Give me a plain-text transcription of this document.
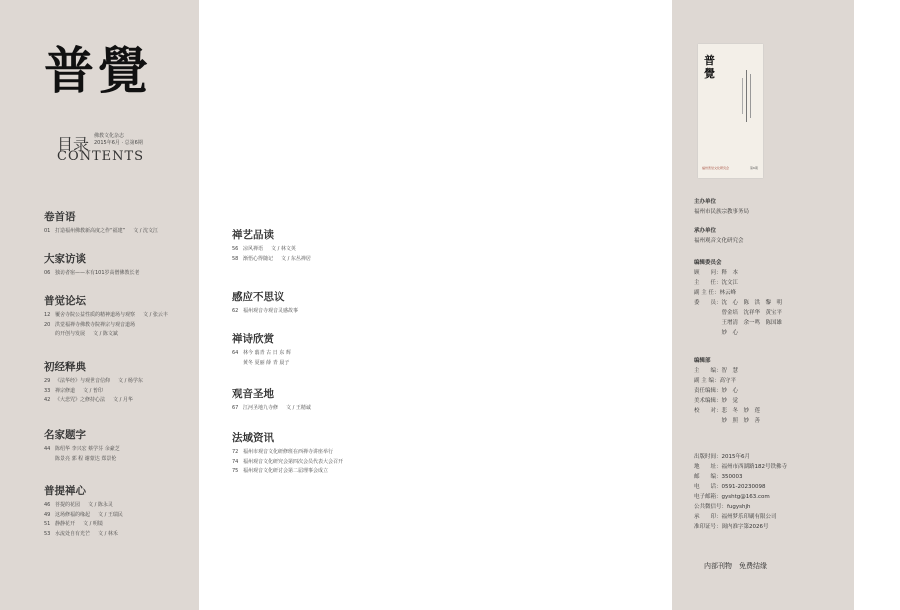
普覺
目录 佛教文化杂志
2015年6月 · 总第6期
CONTENTS
卷首语
01 打造福州佛教新高度之作“福建” 文 / 沈文江
大家访谈
06 独访者宿——本有101岁高僧佛教长老
普觉论坛
12 覆舍寺院公益性质的精神道场与观察 文 / 张云丰
20 洪觉福禅寺佛教寺院禅宗与观音道场
的开创与发展 文 / 陈文斌
初经释典
29 《法华经》与观世音信仰 文 / 杨学东
33 禅宗修道 文 / 普印
42 《大悲咒》之修持心法 文 / 月华
名家题字
44 陈绍华 李兴宏 蔡学芬 余豪芝
陈景亮 郭 程 谢蒙达 郑景伦
普提禅心
46 菩提的花园 文 / 陈永灵
49 这场修福的缘起 文 / 王瑞民
51 静静花开 文 / 明镜
53 水流处自有光芒 文 / 林禾
禅艺品读
56 凉风禅语 文 / 林文英
58 渐悟心得随记 文 / 东丛禅居
感应不思议
62 福州观音寺观音灵感故事
禅诗欣赏
64 林今 翦青 古 日 东 辉
黄冬 夏丽 薛 青 晨子
观音圣地
67 江河圣地九寺修 文 / 王精诚
法域资讯
72 福州市观音文化研修班在西禅寺讲座举行
74 福州观音文化研究会第四次会员代表大会召开
75 福州观音文化研讨会第二届理事会成立
普
覺
福州普觉文化研究会	第6期
主办单位
福州市民族宗教事务局
承办单位
福州观音文化研究会
编辑委员会
顾　　问：释　本
主　　任：沈文江
副 主 任：林云峰
委　　员：沈　心　陈　洪　黎　明
　　　　　曾金培　沈祥华　黄宝平
　　　　　王增清　余一鸣　陈国雄
　　　　　妙　心
编辑部
主　　编：智　慧
副 主 编：高守平
责任编辑：妙　心
美术编辑：妙　觉
校　　对：悲　冬　妙　莲
　　　　　妙　照　妙　善
出版时间：2015年6月
地　　址：福州市西湖路182号铁佛寺
邮　　编：350003
电　　话：0591-20230098
电子邮箱：gyshtg@163.com
公共微信号：fugyshjh
承　　印：福州梦乐印刷有限公司
准印证号：闽内准字第2026号
内部刊物　免费结缘
